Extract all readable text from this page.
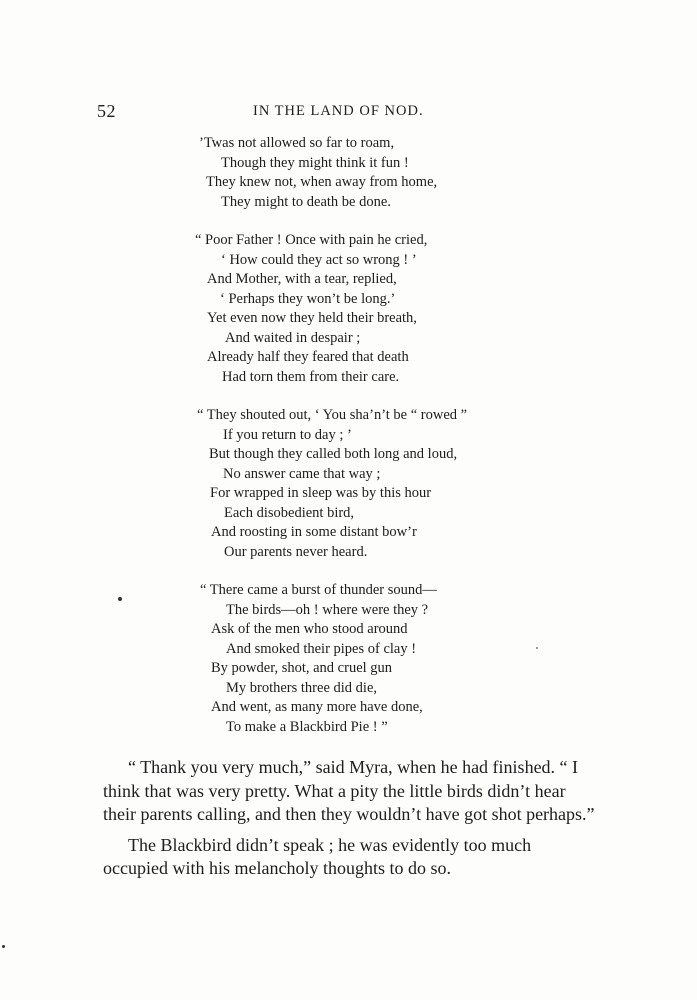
52	IN THE LAND OF NOD.
’Twas not allowed so far to roam,
Though they might think it fun !
They knew not, when away from home,
They might to death be done.
“ Poor Father ! Once with pain he cried,
‘ How could they act so wrong ! ’
And Mother, with a tear, replied,
‘ Perhaps they won’t be long.’
Yet even now they held their breath,
And waited in despair ;
Already half they feared that death
Had torn them from their care.
“ They shouted out, ‘ You sha’n’t be “ rowed ”
If you return to day ; ’
But though they called both long and loud,
No answer came that way ;
For wrapped in sleep was by this hour
Each disobedient bird,
And roosting in some distant bow’r
Our parents never heard.
“ There came a burst of thunder sound—
The birds—oh ! where were they ?
Ask of the men who stood around
And smoked their pipes of clay !
By powder, shot, and cruel gun
My brothers three did die,
And went, as many more have done,
To make a Blackbird Pie ! ”

“ Thank you very much,” said Myra, when he had finished. “ I think that was very pretty. What a pity the little birds didn’t hear their parents calling, and then they wouldn’t have got shot perhaps.”

The Blackbird didn’t speak ; he was evidently too much occupied with his melancholy thoughts to do so.
